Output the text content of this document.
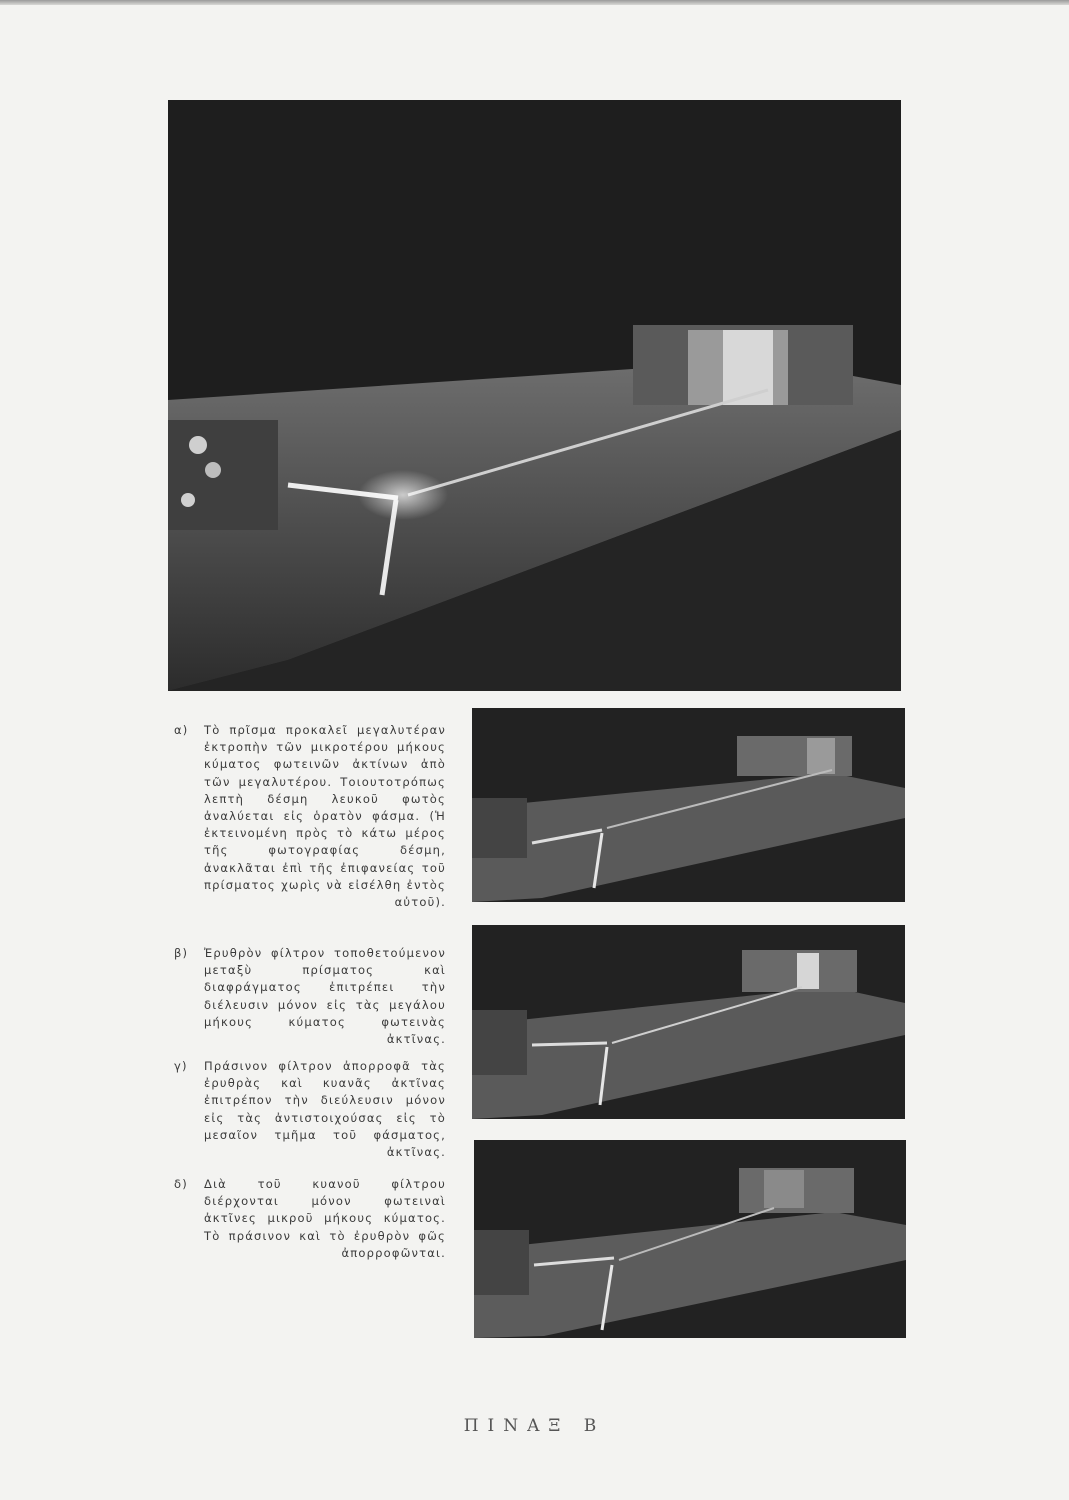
α) Τὸ πρῖσμα προκαλεῖ μεγαλυτέραν ἐκτροπὴν τῶν μικροτέρου μήκους κύματος φωτεινῶν ἀκτίνων ἀπὸ τῶν μεγαλυτέρου. Τοιουτοτρόπως λεπτὴ δέσμη λευκοῦ φωτὸς ἀναλύεται εἰς ὁρατὸν φάσμα. (Ἡ ἐκτεινομένη πρὸς τὸ κάτω μέρος τῆς φωτογραφίας δέσμη, ἀνακλᾶται ἐπὶ τῆς ἐπιφανείας τοῦ πρίσματος χωρὶς νὰ εἰσέλθη ἐντὸς αὐτοῦ).
β) Ἐρυθρὸν φίλτρον τοποθετούμενον μεταξὺ πρίσματος καὶ διαφράγματος ἐπιτρέπει τὴν διέλευσιν μόνον εἰς τὰς μεγάλου μήκους κύματος φωτεινὰς ἀκτῖνας.
γ) Πράσινον φίλτρον ἀπορροφᾶ τὰς ἐρυθρὰς καὶ κυανᾶς ἀκτῖνας ἐπιτρέπον τὴν διεύλευσιν μόνον εἰς τὰς ἀντιστοιχούσας εἰς τὸ μεσαῖον τμῆμα τοῦ φάσματος, ἀκτῖνας.
δ) Διὰ τοῦ κυανοῦ φίλτρου διέρχονται μόνον φωτειναὶ ἀκτῖνες μικροῦ μήκους κύματος. Τὸ πράσινον καὶ τὸ ἐρυθρὸν φῶς ἀπορροφῶνται.
ΠΙΝΑΞ Β
